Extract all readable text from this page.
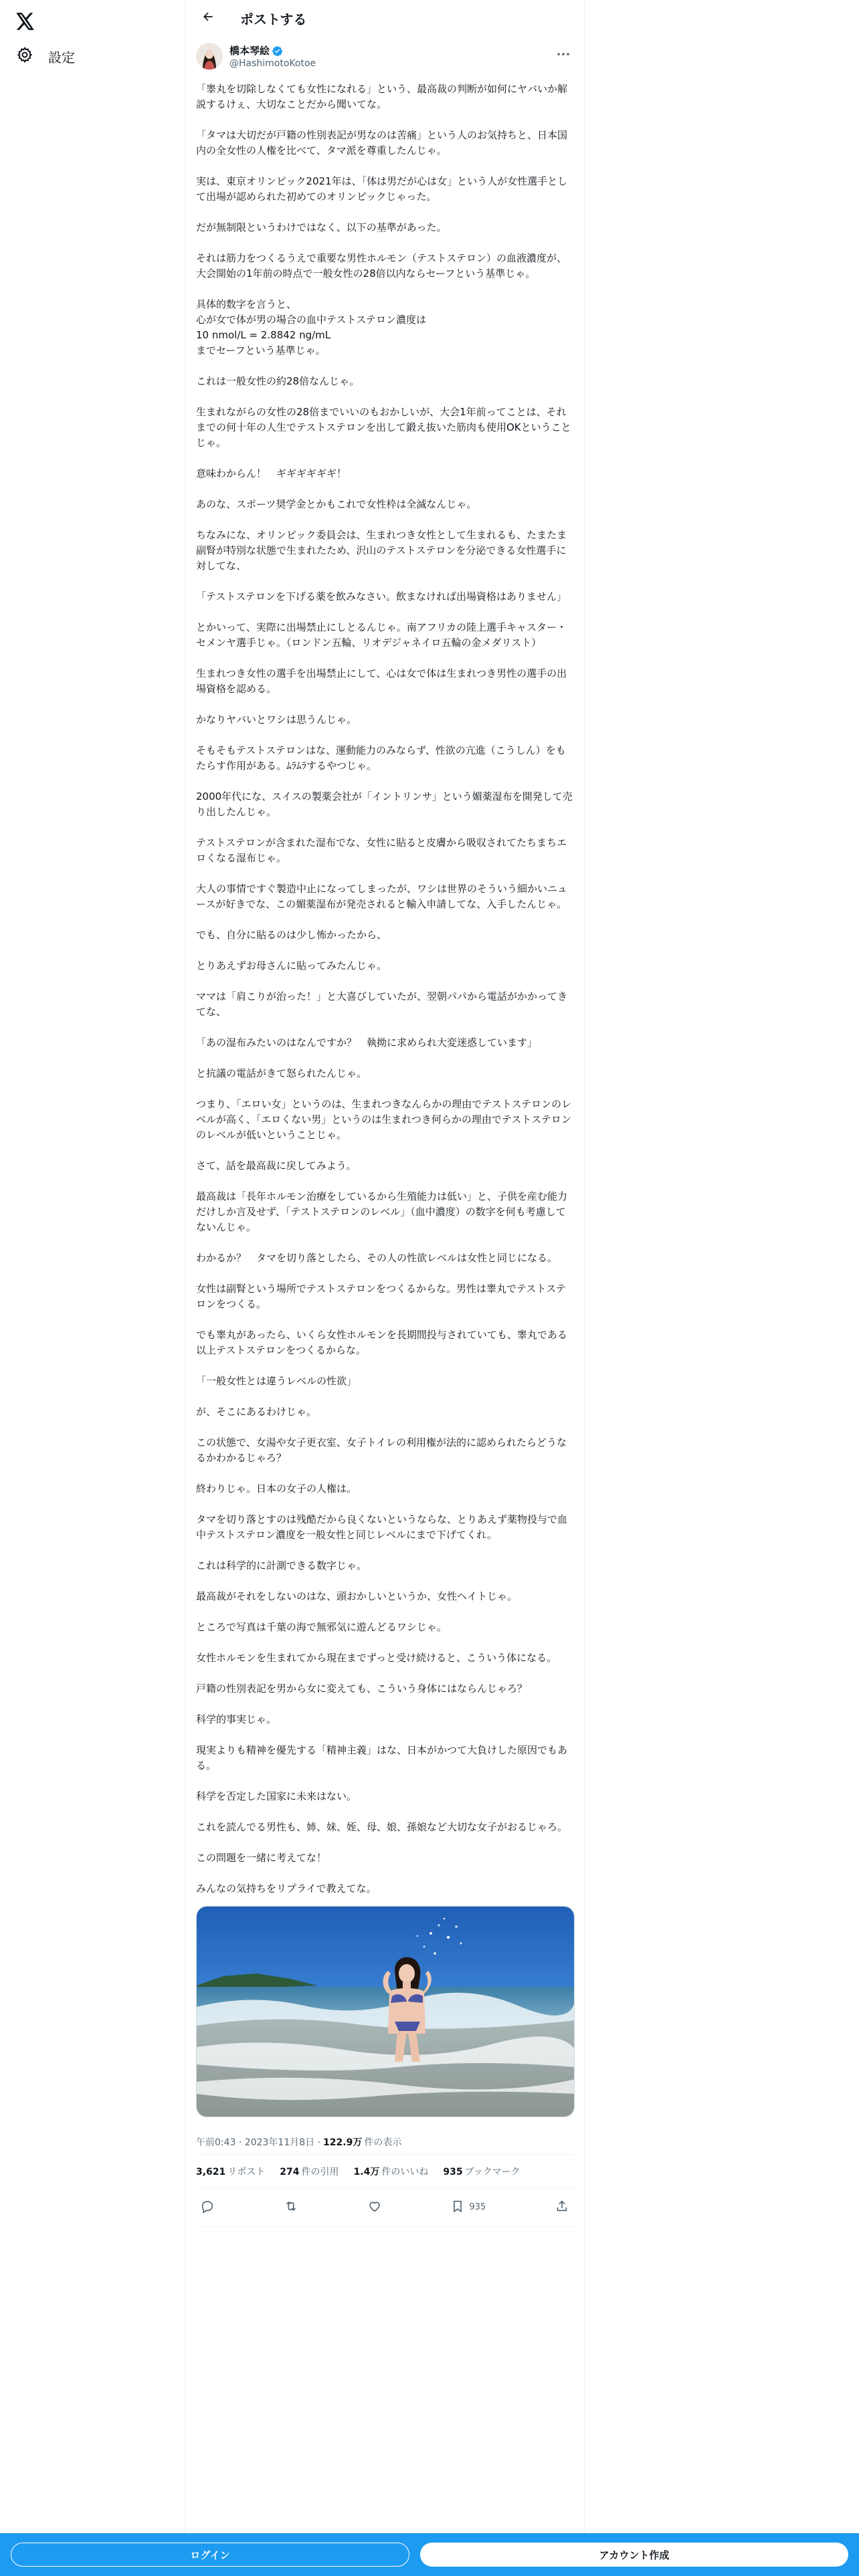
設定
ポストする
橋本琴絵
@HashimotoKotoe

「睾丸を切除しなくても女性になれる」という、最高裁の判断が如何にヤバいか解説するけぇ、大切なことだから聞いてな。

「タマは大切だが戸籍の性別表記が男なのは苦痛」という人のお気持ちと、日本国内の全女性の人権を比べて、タマ派を尊重したんじゃ。

実は、東京オリンピック2021年は、「体は男だが心は女」という人が女性選手として出場が認められた初めてのオリンピックじゃった。

だが無制限というわけではなく、以下の基準があった。

それは筋力をつくるうえで重要な男性ホルモン（テストステロン）の血液濃度が、大会開始の1年前の時点で一般女性の28倍以内ならセーフという基準じゃ。

具体的数字を言うと、
心が女で体が男の場合の血中テストステロン濃度は
10 nmol/L = 2.8842 ng/mL
までセーフという基準じゃ。

これは一般女性の約28倍なんじゃ。

生まれながらの女性の28倍までいいのもおかしいが、大会1年前ってことは、それまでの何十年の人生でテストステロンを出して鍛え抜いた筋肉も使用OKということじゃ。

意味わからん！　ギギギギギギ！

あのな、スポーツ奨学金とかもこれで女性枠は全滅なんじゃ。

ちなみにな、オリンピック委員会は、生まれつき女性として生まれるも、たまたま副腎が特別な状態で生まれたため、沢山のテストステロンを分泌できる女性選手に対してな、

「テストステロンを下げる薬を飲みなさい。飲まなければ出場資格はありません」

とかいって、実際に出場禁止にしとるんじゃ。南アフリカの陸上選手キャスター・セメンヤ選手じゃ。（ロンドン五輪、リオデジャネイロ五輪の金メダリスト）

生まれつき女性の選手を出場禁止にして、心は女で体は生まれつき男性の選手の出場資格を認める。

かなりヤバいとワシは思うんじゃ。

そもそもテストステロンはな、運動能力のみならず、性欲の亢進（こうしん）をもたらす作用がある。ﾑﾗﾑﾗするやつじゃ。

2000年代にな、スイスの製薬会社が「イントリンサ」という媚薬湿布を開発して売り出したんじゃ。

テストステロンが含まれた湿布でな、女性に貼ると皮膚から吸収されてたちまちエロくなる湿布じゃ。

大人の事情ですぐ製造中止になってしまったが、ワシは世界のそういう細かいニュースが好きでな、この媚薬湿布が発売されると輸入申請してな、入手したんじゃ。

でも、自分に貼るのは少し怖かったから、

とりあえずお母さんに貼ってみたんじゃ。

ママは「肩こりが治った！」と大喜びしていたが、翌朝パパから電話がかかってきてな、

「あの湿布みたいのはなんですか？　執拗に求められ大変迷惑しています」

と抗議の電話がきて怒られたんじゃ。

つまり、「エロい女」というのは、生まれつきなんらかの理由でテストステロンのレベルが高く、「エロくない男」というのは生まれつき何らかの理由でテストステロンのレベルが低いということじゃ。

さて、話を最高裁に戻してみよう。

最高裁は「長年ホルモン治療をしているから生殖能力は低い」と、子供を産む能力だけしか言及せず、「テストステロンのレベル」（血中濃度）の数字を何も考慮してないんじゃ。

わかるか？　タマを切り落としたら、その人の性欲レベルは女性と同じになる。

女性は副腎という場所でテストステロンをつくるからな。男性は睾丸でテストステロンをつくる。

でも睾丸があったら、いくら女性ホルモンを長期間投与されていても、睾丸である以上テストステロンをつくるからな。

「一般女性とは違うレベルの性欲」

が、そこにあるわけじゃ。

この状態で、女湯や女子更衣室、女子トイレの利用権が法的に認められたらどうなるかわかるじゃろ？

終わりじゃ。日本の女子の人権は。

タマを切り落とすのは残酷だから良くないというならな、とりあえず薬物投与で血中テストステロン濃度を一般女性と同じレベルにまで下げてくれ。

これは科学的に計測できる数字じゃ。

最高裁がそれをしないのはな、頭おかしいというか、女性ヘイトじゃ。

ところで写真は千葉の海で無邪気に遊んどるワシじゃ。

女性ホルモンを生まれてから現在までずっと受け続けると、こういう体になる。

戸籍の性別表記を男から女に変えても、こういう身体にはならんじゃろ？

科学的事実じゃ。

現実よりも精神を優先する「精神主義」はな、日本がかつて大負けした原因でもある。

科学を否定した国家に未来はない。

これを読んでる男性も、姉、妹、姪、母、娘、孫娘など大切な女子がおるじゃろ。

この問題を一緒に考えてな！

みんなの気持ちをリプライで教えてな。

午前0:43 · 2023年11月8日 · 122.9万 件の表示
3,621 リポスト 274 件の引用 1.4万 件のいいね 935 ブックマーク
935
ログイン	アカウント作成
